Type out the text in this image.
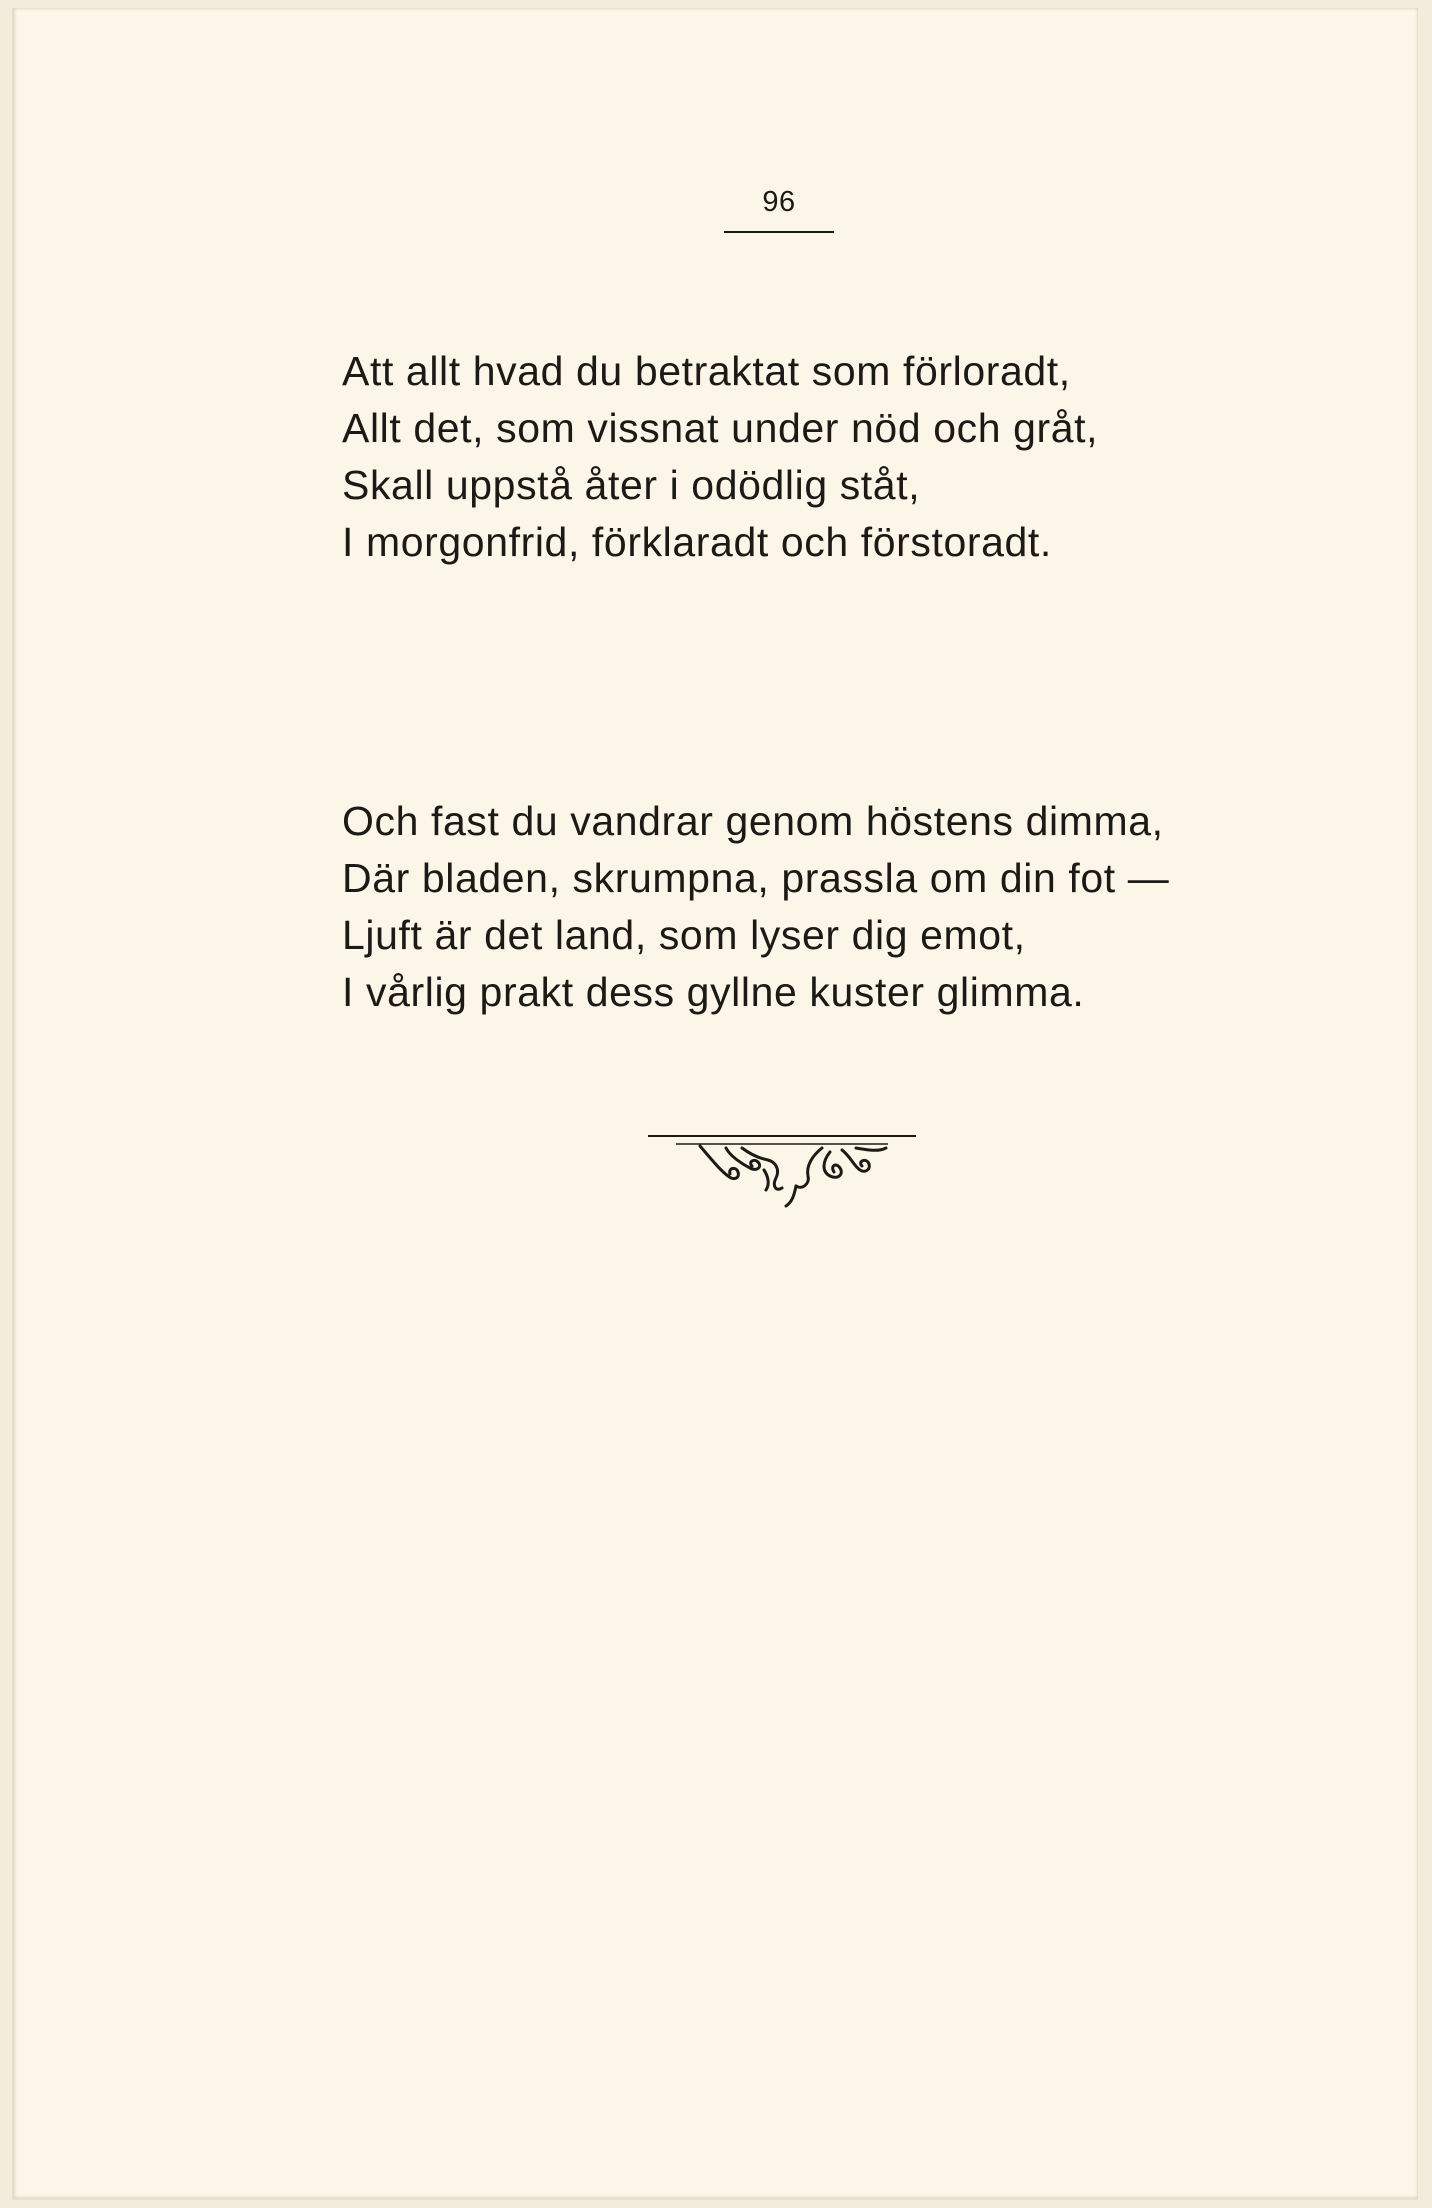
96
Att allt hvad du betraktat som förloradt,
Allt det, som vissnat under nöd och gråt,
Skall uppstå åter i odödlig ståt,
I morgonfrid, förklaradt och förstoradt.
Och fast du vandrar genom höstens dimma,
Där bladen, skrumpna, prassla om din fot —
Ljuft är det land, som lyser dig emot,
I vårlig prakt dess gyllne kuster glimma.
